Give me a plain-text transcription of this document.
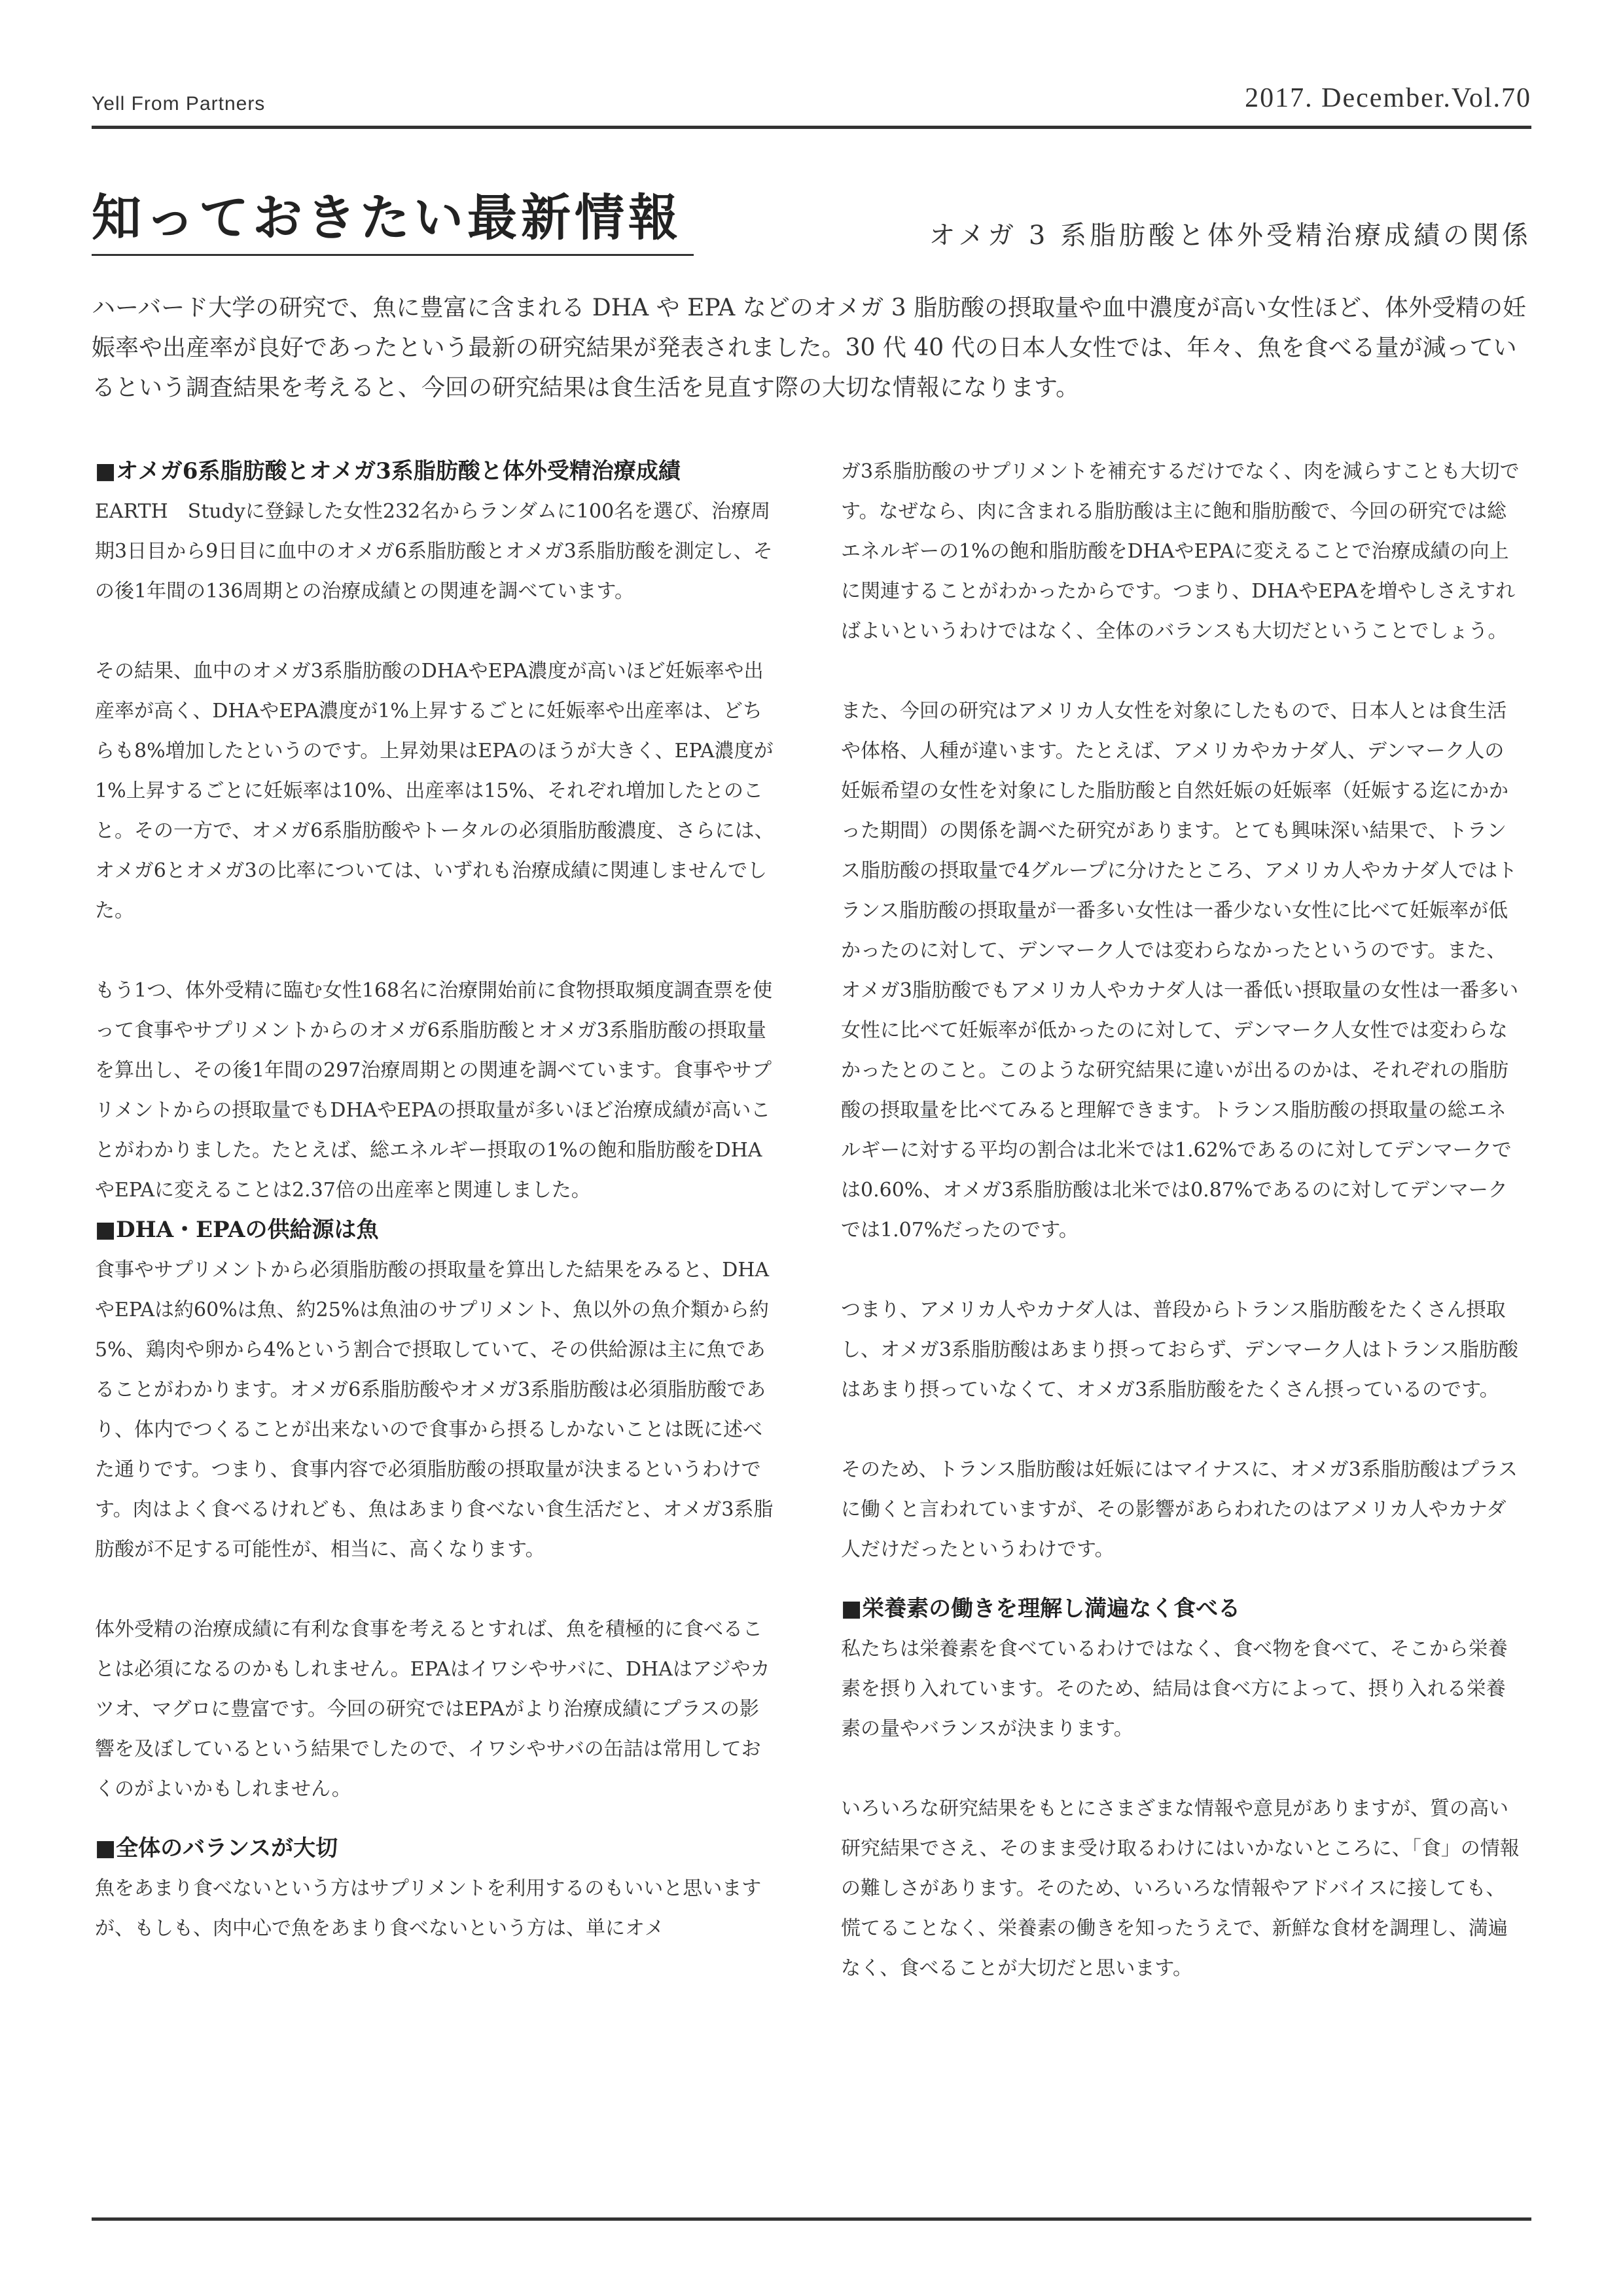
Yell From Partners	2017. December.Vol.70
知っておきたい最新情報	オメガ 3 系脂肪酸と体外受精治療成績の関係

ハーバード大学の研究で、魚に豊富に含まれる DHA や EPA などのオメガ 3 脂肪酸の摂取量や血中濃度が高い女性ほど、体外受精の妊娠率や出産率が良好であったという最新の研究結果が発表されました。30 代 40 代の日本人女性では、年々、魚を食べる量が減っているという調査結果を考えると、今回の研究結果は食生活を見直す際の大切な情報になります。

■オメガ6系脂肪酸とオメガ3系脂肪酸と体外受精治療成績

EARTH　Studyに登録した女性232名からランダムに100名を選び、治療周期3日目から9日目に血中のオメガ6系脂肪酸とオメガ3系脂肪酸を測定し、その後1年間の136周期との治療成績との関連を調べています。

その結果、血中のオメガ3系脂肪酸のDHAやEPA濃度が高いほど妊娠率や出産率が高く、DHAやEPA濃度が1%上昇するごとに妊娠率や出産率は、どちらも8%増加したというのです。上昇効果はEPAのほうが大きく、EPA濃度が1%上昇するごとに妊娠率は10%、出産率は15%、それぞれ増加したとのこと。その一方で、オメガ6系脂肪酸やトータルの必須脂肪酸濃度、さらには、オメガ6とオメガ3の比率については、いずれも治療成績に関連しませんでした。

もう1つ、体外受精に臨む女性168名に治療開始前に食物摂取頻度調査票を使って食事やサプリメントからのオメガ6系脂肪酸とオメガ3系脂肪酸の摂取量を算出し、その後1年間の297治療周期との関連を調べています。食事やサプリメントからの摂取量でもDHAやEPAの摂取量が多いほど治療成績が高いことがわかりました。たとえば、総エネルギー摂取の1%の飽和脂肪酸をDHAやEPAに変えることは2.37倍の出産率と関連しました。

■DHA・EPAの供給源は魚

食事やサプリメントから必須脂肪酸の摂取量を算出した結果をみると、DHAやEPAは約60%は魚、約25%は魚油のサプリメント、魚以外の魚介類から約5%、鶏肉や卵から4%という割合で摂取していて、その供給源は主に魚であることがわかります。オメガ6系脂肪酸やオメガ3系脂肪酸は必須脂肪酸であり、体内でつくることが出来ないので食事から摂るしかないことは既に述べた通りです。つまり、食事内容で必須脂肪酸の摂取量が決まるというわけです。肉はよく食べるけれども、魚はあまり食べない食生活だと、オメガ3系脂肪酸が不足する可能性が、相当に、高くなります。

体外受精の治療成績に有利な食事を考えるとすれば、魚を積極的に食べることは必須になるのかもしれません。EPAはイワシやサバに、DHAはアジやカツオ、マグロに豊富です。今回の研究ではEPAがより治療成績にプラスの影響を及ぼしているという結果でしたので、イワシやサバの缶詰は常用しておくのがよいかもしれません。

■全体のバランスが大切

魚をあまり食べないという方はサプリメントを利用するのもいいと思いますが、もしも、肉中心で魚をあまり食べないという方は、単にオメ

ガ3系脂肪酸のサプリメントを補充するだけでなく、肉を減らすことも大切です。なぜなら、肉に含まれる脂肪酸は主に飽和脂肪酸で、今回の研究では総エネルギーの1%の飽和脂肪酸をDHAやEPAに変えることで治療成績の向上に関連することがわかったからです。つまり、DHAやEPAを増やしさえすればよいというわけではなく、全体のバランスも大切だということでしょう。

また、今回の研究はアメリカ人女性を対象にしたもので、日本人とは食生活や体格、人種が違います。たとえば、アメリカやカナダ人、デンマーク人の妊娠希望の女性を対象にした脂肪酸と自然妊娠の妊娠率（妊娠する迄にかかった期間）の関係を調べた研究があります。とても興味深い結果で、トランス脂肪酸の摂取量で4グループに分けたところ、アメリカ人やカナダ人ではトランス脂肪酸の摂取量が一番多い女性は一番少ない女性に比べて妊娠率が低かったのに対して、デンマーク人では変わらなかったというのです。また、オメガ3脂肪酸でもアメリカ人やカナダ人は一番低い摂取量の女性は一番多い女性に比べて妊娠率が低かったのに対して、デンマーク人女性では変わらなかったとのこと。このような研究結果に違いが出るのかは、それぞれの脂肪酸の摂取量を比べてみると理解できます。トランス脂肪酸の摂取量の総エネルギーに対する平均の割合は北米では1.62%であるのに対してデンマークでは0.60%、オメガ3系脂肪酸は北米では0.87%であるのに対してデンマークでは1.07%だったのです。

つまり、アメリカ人やカナダ人は、普段からトランス脂肪酸をたくさん摂取し、オメガ3系脂肪酸はあまり摂っておらず、デンマーク人はトランス脂肪酸はあまり摂っていなくて、オメガ3系脂肪酸をたくさん摂っているのです。

そのため、トランス脂肪酸は妊娠にはマイナスに、オメガ3系脂肪酸はプラスに働くと言われていますが、その影響があらわれたのはアメリカ人やカナダ人だけだったというわけです。

■栄養素の働きを理解し満遍なく食べる

私たちは栄養素を食べているわけではなく、食べ物を食べて、そこから栄養素を摂り入れています。そのため、結局は食べ方によって、摂り入れる栄養素の量やバランスが決まります。

いろいろな研究結果をもとにさまざまな情報や意見がありますが、質の高い研究結果でさえ、そのまま受け取るわけにはいかないところに、「食」の情報の難しさがあります。そのため、いろいろな情報やアドバイスに接しても、慌てることなく、栄養素の働きを知ったうえで、新鮮な食材を調理し、満遍なく、食べることが大切だと思います。
